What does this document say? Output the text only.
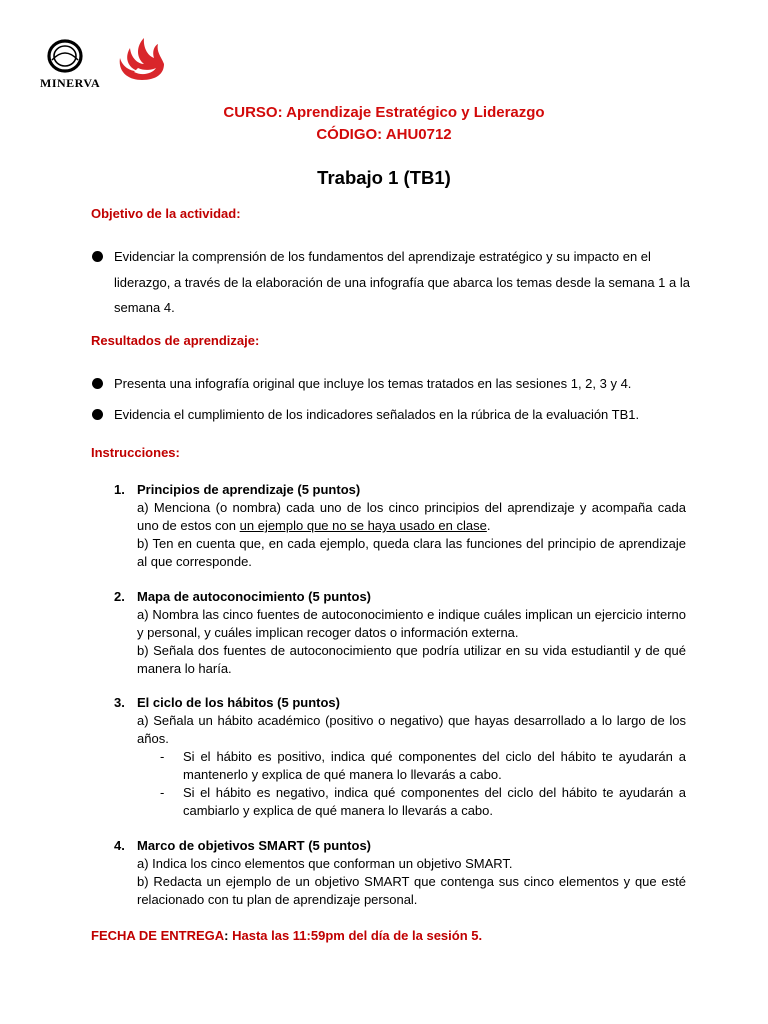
MINERVA
CURSO: Aprendizaje Estratégico y Liderazgo
CÓDIGO: AHU0712
Trabajo 1 (TB1)
Objetivo de la actividad:
Evidenciar la comprensión de los fundamentos del aprendizaje estratégico y su impacto en el liderazgo, a través de la elaboración de una infografía que abarca los temas desde la semana 1 a la semana 4.
Resultados de aprendizaje:
Presenta una infografía original que incluye los temas tratados en las sesiones 1, 2, 3 y 4.
Evidencia el cumplimiento de los indicadores señalados en la rúbrica de la evaluación TB1.
Instrucciones:
1. Principios de aprendizaje (5 puntos)
a) Menciona (o nombra) cada uno de los cinco principios del aprendizaje y acompaña cada uno de estos con un ejemplo que no se haya usado en clase.
b) Ten en cuenta que, en cada ejemplo, queda clara las funciones del principio de aprendizaje al que corresponde.
2. Mapa de autoconocimiento (5 puntos)
a) Nombra las cinco fuentes de autoconocimiento e indique cuáles implican un ejercicio interno y personal, y cuáles implican recoger datos o información externa.
b) Señala dos fuentes de autoconocimiento que podría utilizar en su vida estudiantil y de qué manera lo haría.
3. El ciclo de los hábitos (5 puntos)
a) Señala un hábito académico (positivo o negativo) que hayas desarrollado a lo largo de los años.
- Si el hábito es positivo, indica qué componentes del ciclo del hábito te ayudarán a mantenerlo y explica de qué manera lo llevarás a cabo.
- Si el hábito es negativo, indica qué componentes del ciclo del hábito te ayudarán a cambiarlo y explica de qué manera lo llevarás a cabo.
4. Marco de objetivos SMART (5 puntos)
a) Indica los cinco elementos que conforman un objetivo SMART.
b) Redacta un ejemplo de un objetivo SMART que contenga sus cinco elementos y que esté relacionado con tu plan de aprendizaje personal.
FECHA DE ENTREGA: Hasta las 11:59pm del día de la sesión 5.
